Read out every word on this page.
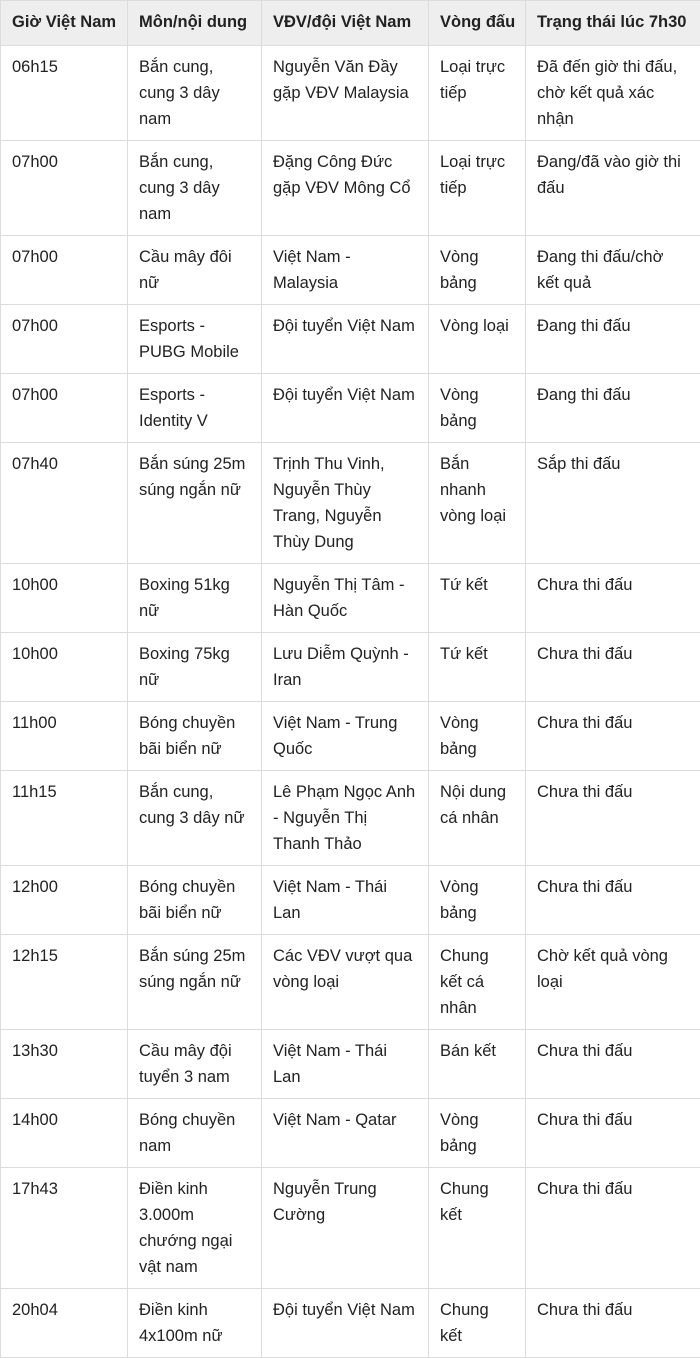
Giờ Việt Nam	Môn/nội dung	VĐV/đội Việt Nam	Vòng đấu	Trạng thái lúc 7h30
06h15	Bắn cung, cung 3 dây nam	Nguyễn Văn Đầy gặp VĐV Malaysia	Loại trực tiếp	Đã đến giờ thi đấu, chờ kết quả xác nhận
07h00	Bắn cung, cung 3 dây nam	Đặng Công Đức gặp VĐV Mông Cổ	Loại trực tiếp	Đang/đã vào giờ thi đấu
07h00	Cầu mây đôi nữ	Việt Nam - Malaysia	Vòng bảng	Đang thi đấu/chờ kết quả
07h00	Esports - PUBG Mobile	Đội tuyển Việt Nam	Vòng loại	Đang thi đấu
07h00	Esports - Identity V	Đội tuyển Việt Nam	Vòng bảng	Đang thi đấu
07h40	Bắn súng 25m súng ngắn nữ	Trịnh Thu Vinh, Nguyễn Thùy Trang, Nguyễn Thùy Dung	Bắn nhanh vòng loại	Sắp thi đấu
10h00	Boxing 51kg nữ	Nguyễn Thị Tâm - Hàn Quốc	Tứ kết	Chưa thi đấu
10h00	Boxing 75kg nữ	Lưu Diễm Quỳnh - Iran	Tứ kết	Chưa thi đấu
11h00	Bóng chuyền bãi biển nữ	Việt Nam - Trung Quốc	Vòng bảng	Chưa thi đấu
11h15	Bắn cung, cung 3 dây nữ	Lê Phạm Ngọc Anh - Nguyễn Thị Thanh Thảo	Nội dung cá nhân	Chưa thi đấu
12h00	Bóng chuyền bãi biển nữ	Việt Nam - Thái Lan	Vòng bảng	Chưa thi đấu
12h15	Bắn súng 25m súng ngắn nữ	Các VĐV vượt qua vòng loại	Chung kết cá nhân	Chờ kết quả vòng loại
13h30	Cầu mây đội tuyển 3 nam	Việt Nam - Thái Lan	Bán kết	Chưa thi đấu
14h00	Bóng chuyền nam	Việt Nam - Qatar	Vòng bảng	Chưa thi đấu
17h43	Điền kinh 3.000m chướng ngại vật nam	Nguyễn Trung Cường	Chung kết	Chưa thi đấu
20h04	Điền kinh 4x100m nữ	Đội tuyển Việt Nam	Chung kết	Chưa thi đấu
